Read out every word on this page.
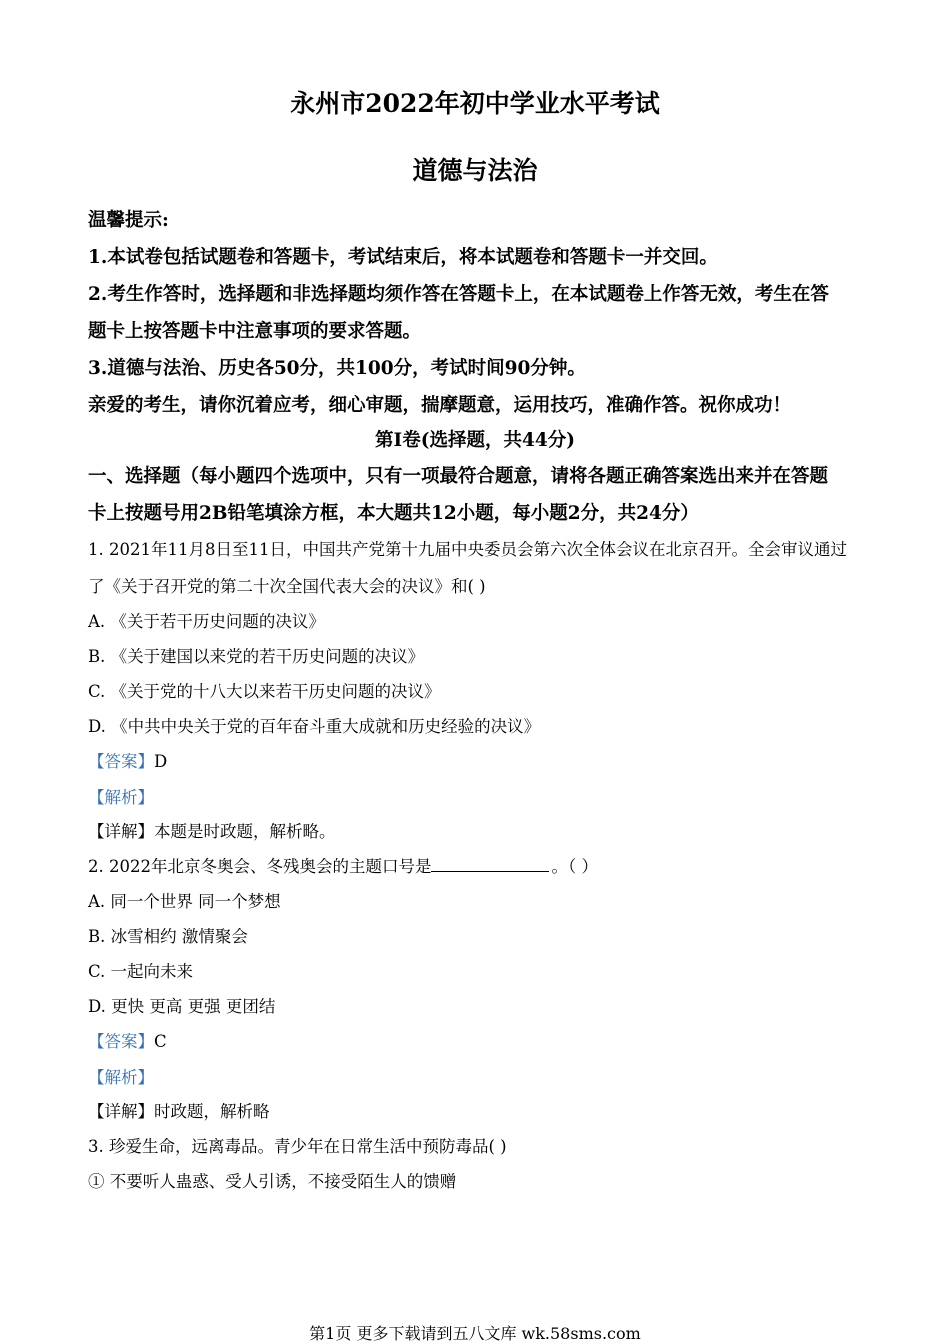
永州市2022年初中学业水平考试
道德与法治
温馨提示:
1.本试卷包括试题卷和答题卡，考试结束后，将本试题卷和答题卡一并交回。
2.考生作答时，选择题和非选择题均须作答在答题卡上，在本试题卷上作答无效，考生在答
题卡上按答题卡中注意事项的要求答题。
3.道德与法治、历史各50分，共100分，考试时间90分钟。
亲爱的考生，请你沉着应考，细心审题，揣摩题意，运用技巧，准确作答。祝你成功！
第Ⅰ卷(选择题，共44分)
一、选择题（每小题四个选项中，只有一项最符合题意，请将各题正确答案选出来并在答题
卡上按题号用2B铅笔填涂方框，本大题共12小题，每小题2分，共24分）
1. 2021年11月8日至11日，中国共产党第十九届中央委员会第六次全体会议在北京召开。全会审议通过
了《关于召开党的第二十次全国代表大会的决议》和( )
A. 《关于若干历史问题的决议》
B. 《关于建国以来党的若干历史问题的决议》
C. 《关于党的十八大以来若干历史问题的决议》
D. 《中共中央关于党的百年奋斗重大成就和历史经验的决议》
【答案】D
【解析】
【详解】本题是时政题，解析略。
2. 2022年北京冬奥会、冬残奥会的主题口号是	。（ ）
A. 同一个世界 同一个梦想
B. 冰雪相约 激情聚会
C. 一起向未来
D. 更快 更高 更强 更团结
【答案】C
【解析】
【详解】时政题，解析略
3. 珍爱生命，远离毒品。青少年在日常生活中预防毒品( )
① 不要听人蛊惑、受人引诱，不接受陌生人的馈赠
第1页 更多下载请到五八文库 wk.58sms.com
